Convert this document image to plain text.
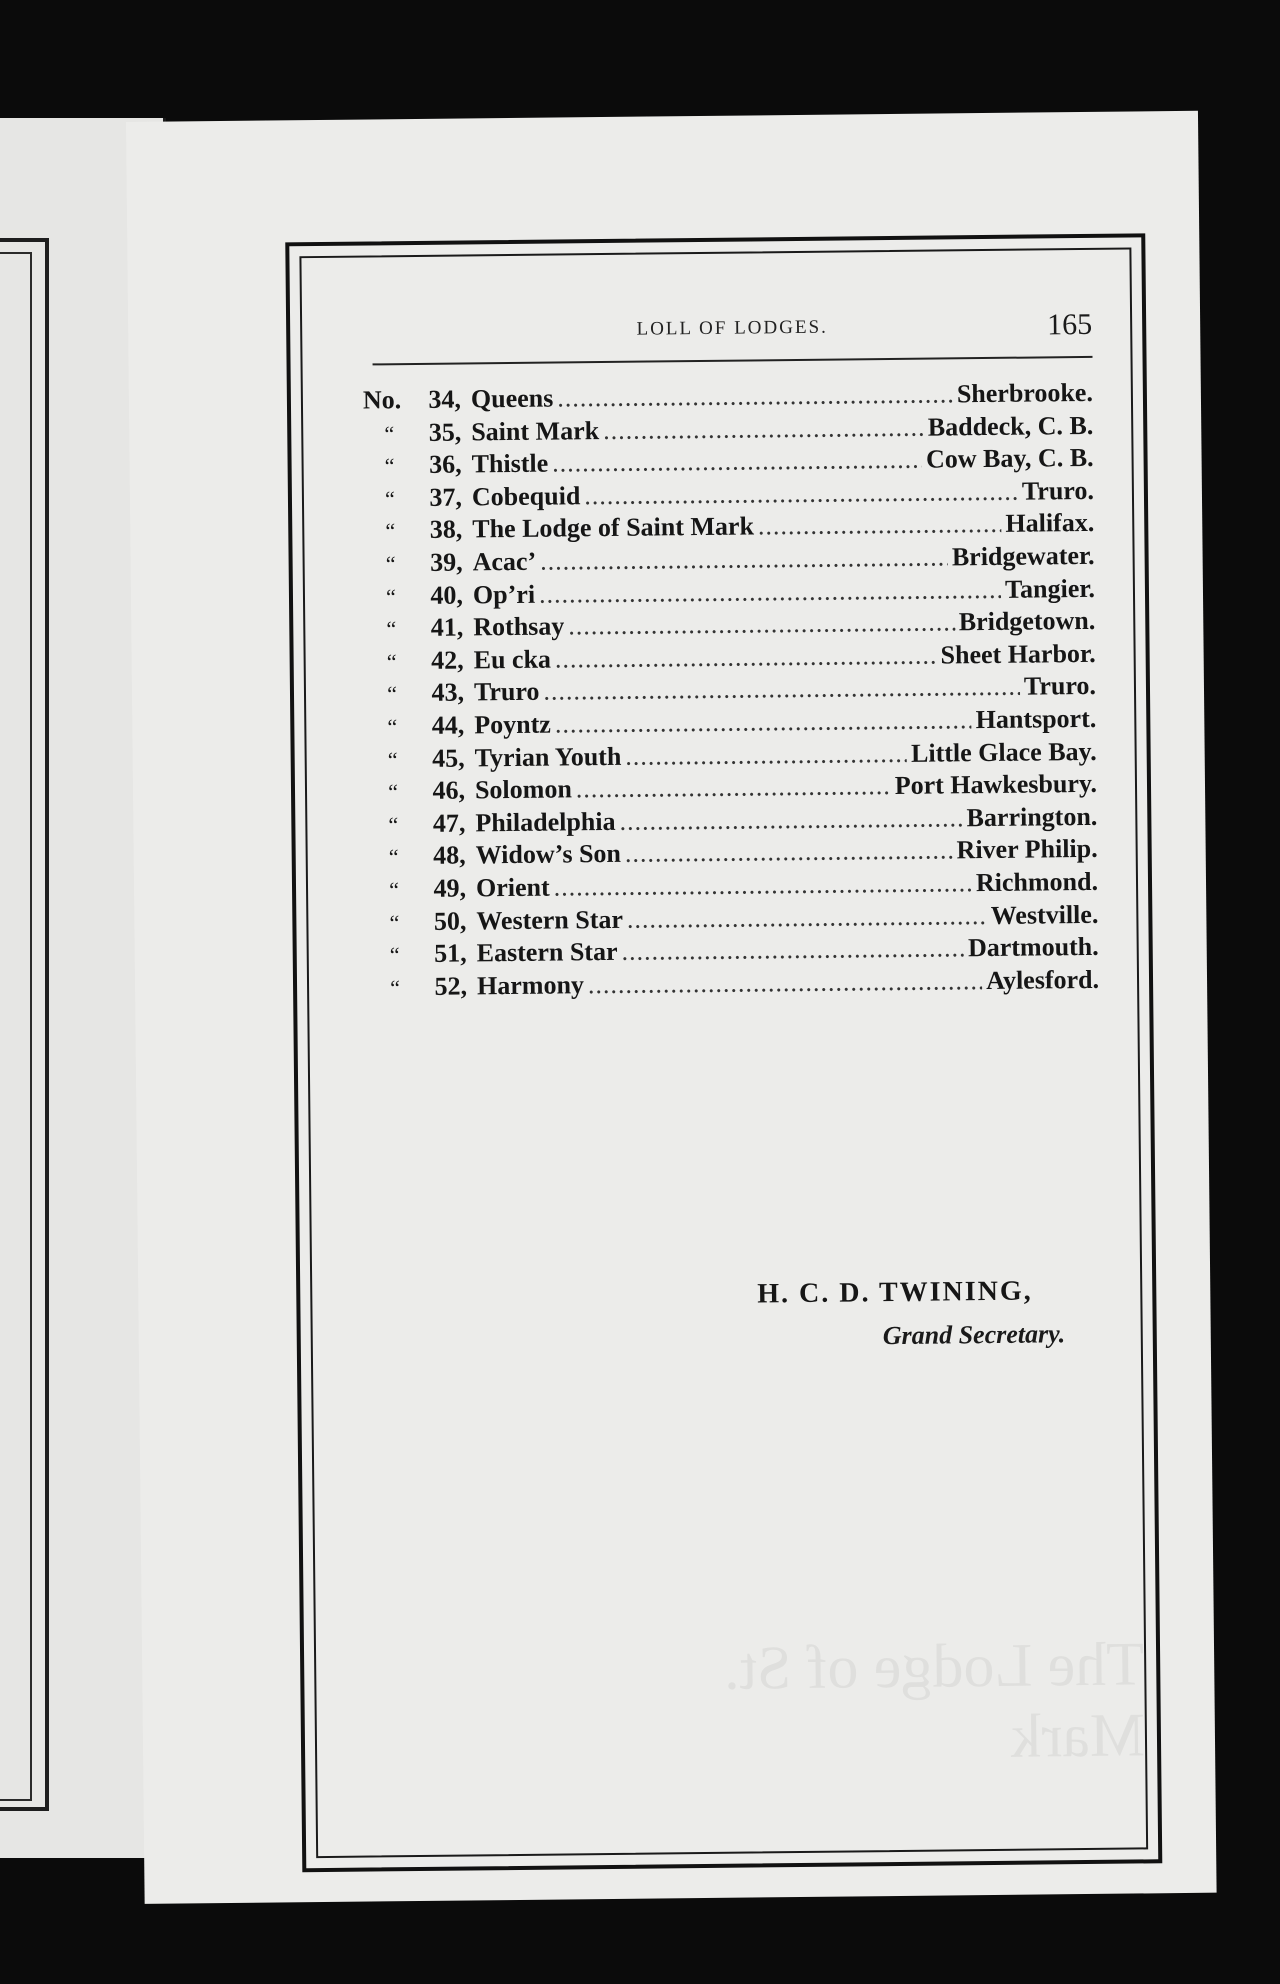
LOLL OF LODGES.	165
No.	34, Queens .....	Sherbrooke.
“	35, Saint Mark .....	Baddeck, C. B.
“	36, Thistle .....	Cow Bay, C. B.
“	37, Cobequid .....	Truro.
“	38, The Lodge of Saint Mark .....	Halifax.
“	39, Acac’ .....	Bridgewater.
“	40, Op’ri .....	Tangier.
“	41, Rothsay .....	Bridgetown.
“	42, Eu cka .....	Sheet Harbor.
“	43, Truro .....	Truro.
“	44, Poyntz .....	Hantsport.
“	45, Tyrian Youth .....	Little Glace Bay.
“	46, Solomon .....	Port Hawkesbury.
“	47, Philadelphia .....	Barrington.
“	48, Widow’s Son .....	River Philip.
“	49, Orient .....	Richmond.
“	50, Western Star .....	Westville.
“	51, Eastern Star .....	Dartmouth.
“	52, Harmony .....	Aylesford.
H. C. D. TWINING,
Grand Secretary.
The Lodge of St. Mark
